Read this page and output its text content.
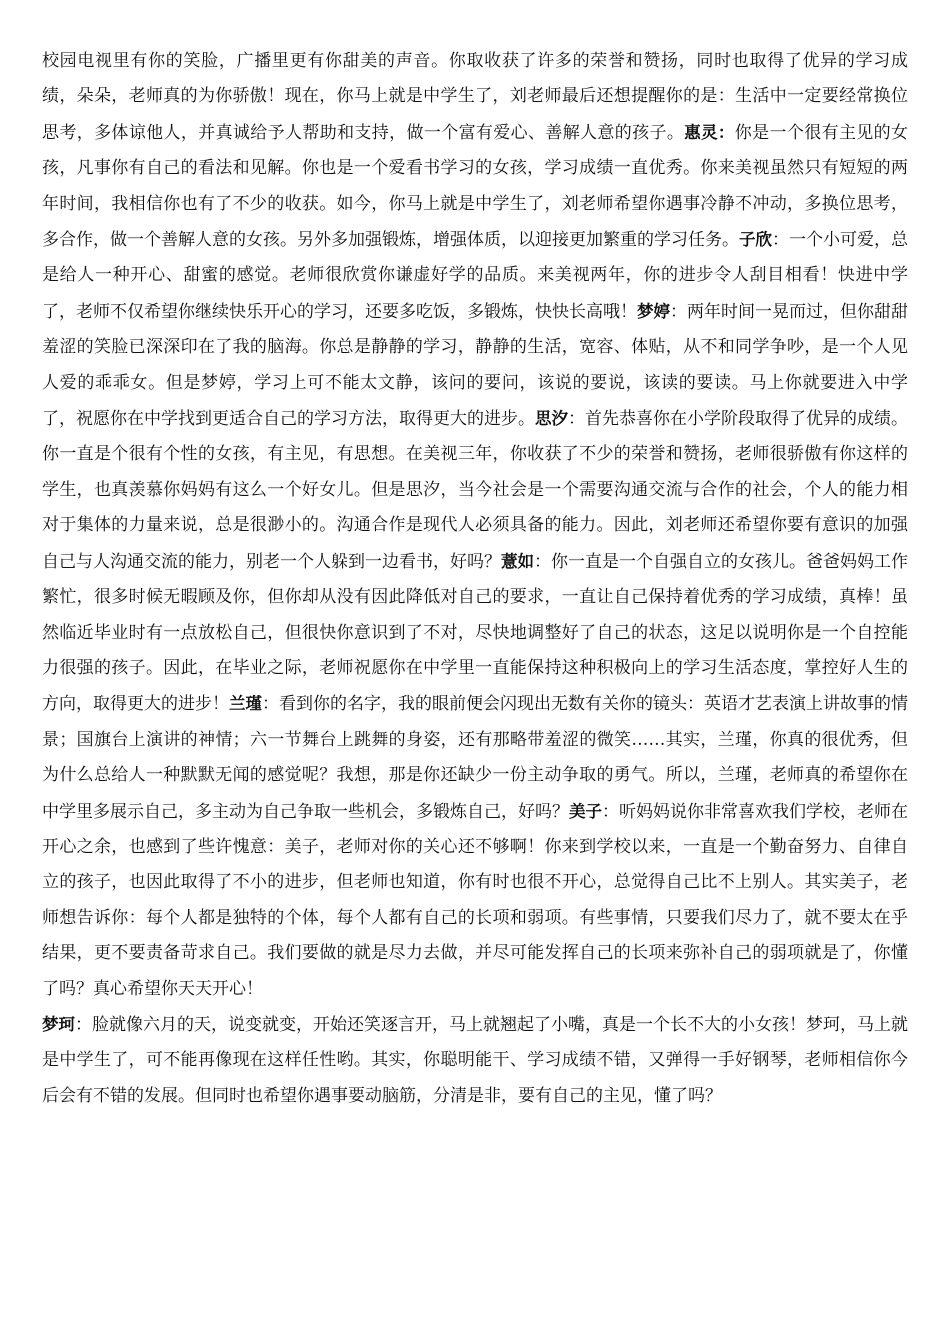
校园电视里有你的笑脸，广播里更有你甜美的声音。你取收获了许多的荣誉和赞扬，同时也取得了优异的学习成绩，朵朵，老师真的为你骄傲！现在，你马上就是中学生了，刘老师最后还想提醒你的是：生活中一定要经常换位思考，多体谅他人，并真诚给予人帮助和支持，做一个富有爱心、善解人意的孩子。惠灵：你是一个很有主见的女孩，凡事你有自己的看法和见解。你也是一个爱看书学习的女孩，学习成绩一直优秀。你来美视虽然只有短短的两年时间，我相信你也有了不少的收获。如今，你马上就是中学生了，刘老师希望你遇事冷静不冲动，多换位思考，多合作，做一个善解人意的女孩。另外多加强锻炼，增强体质，以迎接更加繁重的学习任务。子欣：一个小可爱，总是给人一种开心、甜蜜的感觉。老师很欣赏你谦虚好学的品质。来美视两年，你的进步令人刮目相看！快进中学了，老师不仅希望你继续快乐开心的学习，还要多吃饭，多锻炼，快快长高哦！梦婷：两年时间一晃而过，但你甜甜羞涩的笑脸已深深印在了我的脑海。你总是静静的学习，静静的生活，宽容、体贴，从不和同学争吵，是一个人见人爱的乖乖女。但是梦婷，学习上可不能太文静，该问的要问，该说的要说，该读的要读。马上你就要进入中学了，祝愿你在中学找到更适合自己的学习方法，取得更大的进步。思汐：首先恭喜你在小学阶段取得了优异的成绩。你一直是个很有个性的女孩，有主见，有思想。在美视三年，你收获了不少的荣誉和赞扬，老师很骄傲有你这样的学生，也真羡慕你妈妈有这么一个好女儿。但是思汐，当今社会是一个需要沟通交流与合作的社会，个人的能力相对于集体的力量来说，总是很渺小的。沟通合作是现代人必须具备的能力。因此，刘老师还希望你要有意识的加强自己与人沟通交流的能力，别老一个人躲到一边看书，好吗？薏如：你一直是一个自强自立的女孩儿。爸爸妈妈工作繁忙，很多时候无暇顾及你，但你却从没有因此降低对自己的要求，一直让自己保持着优秀的学习成绩，真棒！虽然临近毕业时有一点放松自己，但很快你意识到了不对，尽快地调整好了自己的状态，这足以说明你是一个自控能力很强的孩子。因此，在毕业之际，老师祝愿你在中学里一直能保持这种积极向上的学习生活态度，掌控好人生的方向，取得更大的进步！兰瑾：看到你的名字，我的眼前便会闪现出无数有关你的镜头：英语才艺表演上讲故事的情景；国旗台上演讲的神情；六一节舞台上跳舞的身姿，还有那略带羞涩的微笑……其实，兰瑾，你真的很优秀，但为什么总给人一种默默无闻的感觉呢？我想，那是你还缺少一份主动争取的勇气。所以，兰瑾，老师真的希望你在中学里多展示自己，多主动为自己争取一些机会，多锻炼自己，好吗？美子：听妈妈说你非常喜欢我们学校，老师在开心之余，也感到了些许愧意：美子，老师对你的关心还不够啊！你来到学校以来，一直是一个勤奋努力、自律自立的孩子，也因此取得了不小的进步，但老师也知道，你有时也很不开心，总觉得自己比不上别人。其实美子，老师想告诉你：每个人都是独特的个体，每个人都有自己的长项和弱项。有些事情，只要我们尽力了，就不要太在乎结果，更不要责备苛求自己。我们要做的就是尽力去做，并尽可能发挥自己的长项来弥补自己的弱项就是了，你懂了吗？真心希望你天天开心！

梦珂：脸就像六月的天，说变就变，开始还笑逐言开，马上就翘起了小嘴，真是一个长不大的小女孩！梦珂，马上就是中学生了，可不能再像现在这样任性哟。其实，你聪明能干、学习成绩不错，又弹得一手好钢琴，老师相信你今后会有不错的发展。但同时也希望你遇事要动脑筋，分清是非，要有自己的主见，懂了吗？
